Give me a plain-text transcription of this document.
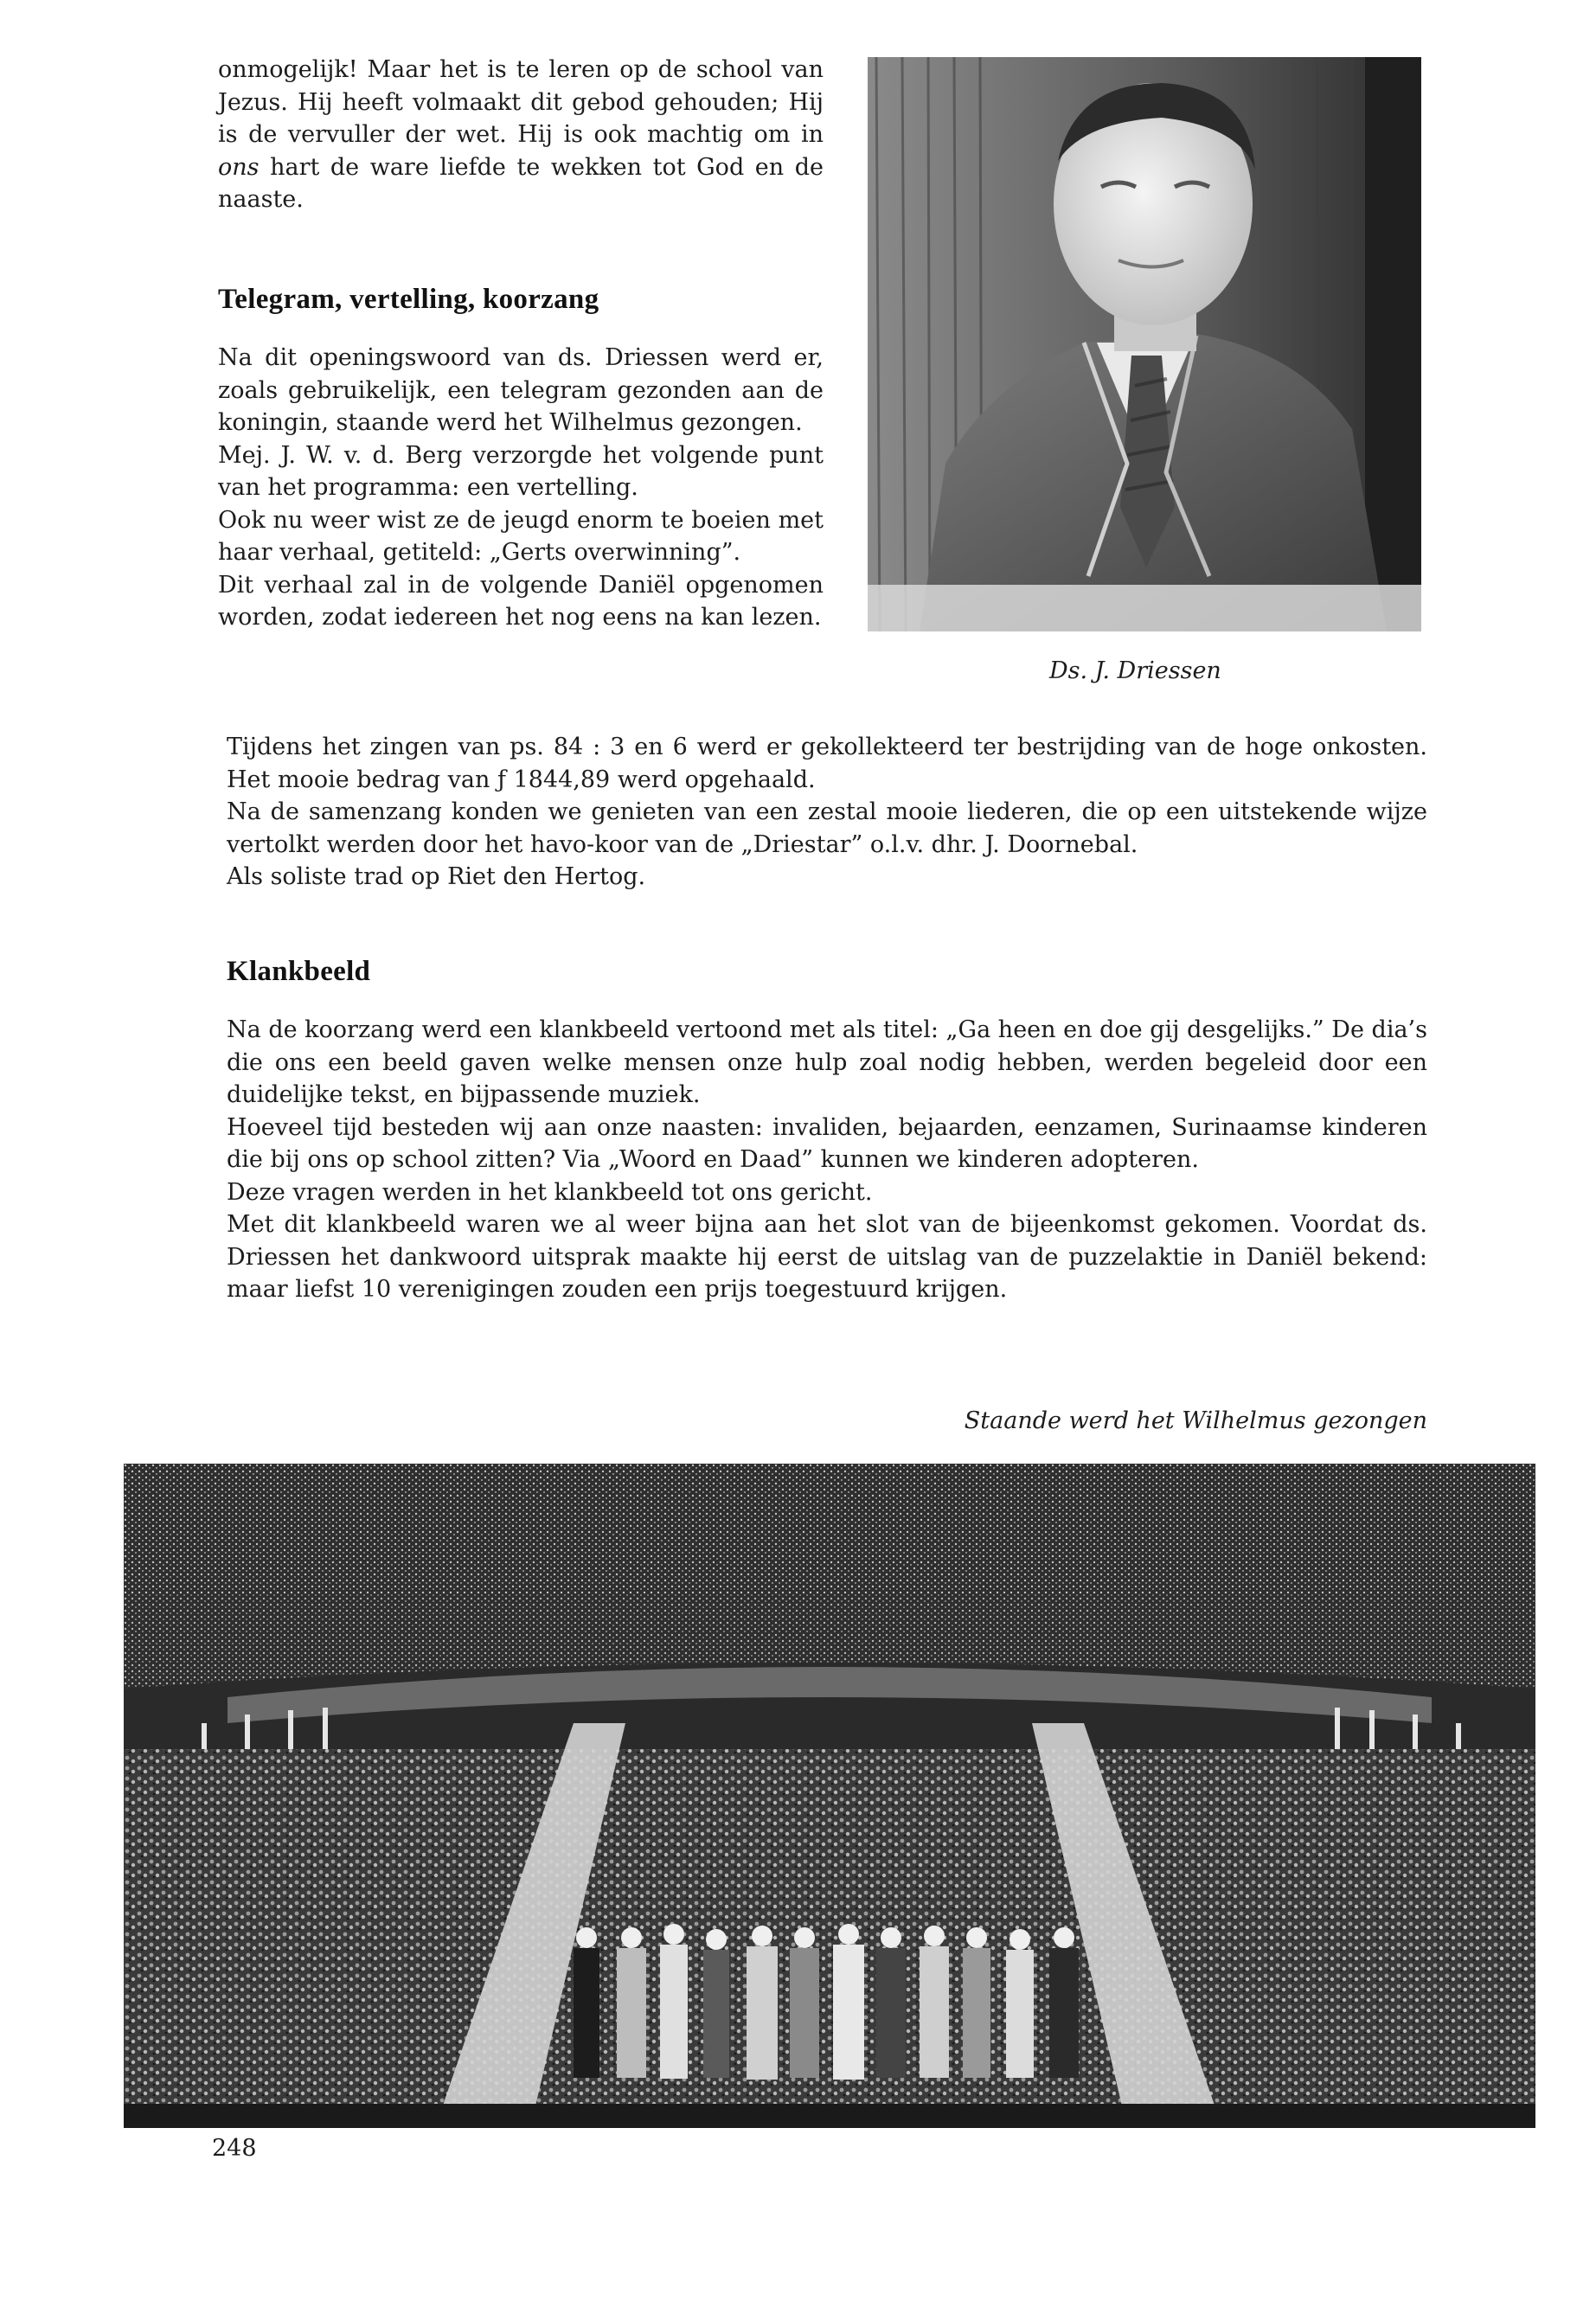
onmogelijk! Maar het is te leren op de school van Jezus. Hij heeft volmaakt dit gebod gehouden; Hij is de vervuller der wet. Hij is ook machtig om in ons hart de ware liefde te wekken tot God en de naaste.

Telegram, vertelling, koorzang

Na dit openingswoord van ds. Driessen werd er, zoals gebruikelijk, een telegram gezonden aan de koningin, staande werd het Wilhelmus gezongen.

Mej. J. W. v. d. Berg verzorgde het volgende punt van het programma: een vertelling.

Ook nu weer wist ze de jeugd enorm te boeien met haar verhaal, getiteld: „Gerts overwinning”.

Dit verhaal zal in de volgende Daniël opgenomen worden, zodat iedereen het nog eens na kan lezen.

Ds. J. Driessen

Tijdens het zingen van ps. 84 : 3 en 6 werd er gekollekteerd ter bestrijding van de hoge onkosten. Het mooie bedrag van ƒ 1844,89 werd opgehaald.

Na de samenzang konden we genieten van een zestal mooie liederen, die op een uitstekende wijze vertolkt werden door het havo-koor van de „Driestar” o.l.v. dhr. J. Doornebal.

Als soliste trad op Riet den Hertog.

Klankbeeld

Na de koorzang werd een klankbeeld vertoond met als titel: „Ga heen en doe gij desgelijks.” De dia’s die ons een beeld gaven welke mensen onze hulp zoal nodig hebben, werden begeleid door een duidelijke tekst, en bijpassende muziek.

Hoeveel tijd besteden wij aan onze naasten: invaliden, bejaarden, eenzamen, Surinaamse kinderen die bij ons op school zitten? Via „Woord en Daad” kunnen we kinderen adopteren.

Deze vragen werden in het klankbeeld tot ons gericht.

Met dit klankbeeld waren we al weer bijna aan het slot van de bijeenkomst gekomen. Voordat ds. Driessen het dankwoord uitsprak maakte hij eerst de uitslag van de puzzelaktie in Daniël bekend: maar liefst 10 verenigingen zouden een prijs toegestuurd krijgen.

Staande werd het Wilhelmus gezongen

248
